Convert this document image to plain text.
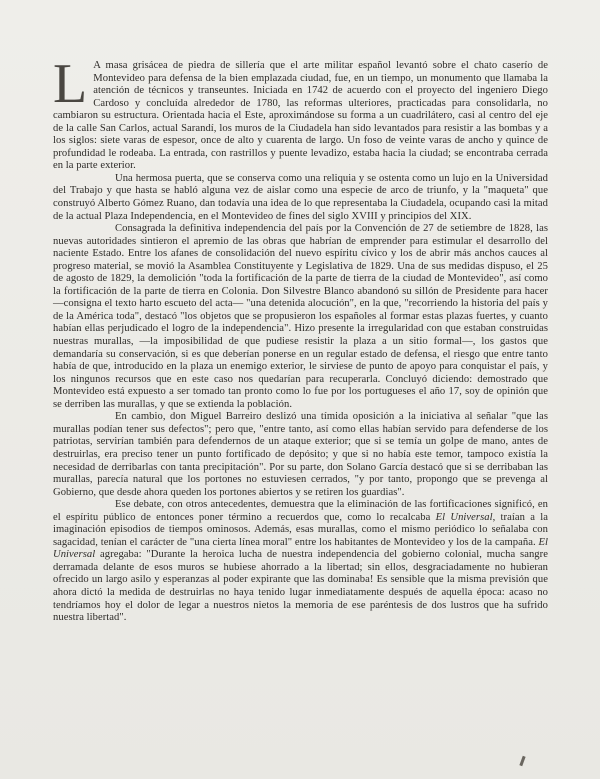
L A masa grisácea de piedra de sillería que el arte militar español levantó sobre el chato caserío de Montevideo para defensa de la bien emplazada ciudad, fue, en un tiempo, un monumento que llamaba la atención de técnicos y transeuntes. Iniciada en 1742 de acuerdo con el proyecto del ingeniero Diego Cardoso y concluída alrededor de 1780, las reformas ulteriores, practicadas para consolidarla, no cambiaron su estructura. Orientada hacia el Este, aproximándose su forma a un cuadrilátero, casi al centro del eje de la calle San Carlos, actual Sarandí, los muros de la Ciudadela han sido levantados para resistir a las bombas y a los siglos: siete varas de espesor, once de alto y cuarenta de largo. Un foso de veinte varas de ancho y quince de profundidad le rodeaba. La entrada, con rastrillos y puente levadizo, estaba hacia la ciudad; se encontraba cerrada en la parte exterior.

Una hermosa puerta, que se conserva como una reliquia y se ostenta como un lujo en la Universidad del Trabajo y que hasta se habló alguna vez de aislar como una especie de arco de triunfo, y la "maqueta" que construyó Alberto Gómez Ruano, dan todavía una idea de lo que representaba la Ciudadela, ocupando casi la mitad de la actual Plaza Independencia, en el Montevideo de fines del siglo XVIII y principios del XIX.

Consagrada la definitiva independencia del país por la Convención de 27 de setiembre de 1828, las nuevas autoridades sintieron el apremio de las obras que habrían de emprender para estimular el desarrollo del naciente Estado. Entre los afanes de consolidación del nuevo espíritu cívico y los de abrir más anchos cauces al progreso material, se movió la Asamblea Constituyente y Legislativa de 1829. Una de sus medidas dispuso, el 25 de agosto de 1829, la demolición "toda la fortificación de la parte de tierra de la ciudad de Montevideo", así como la fortificación de la parte de tierra en Colonia. Don Silvestre Blanco abandonó su sillón de Presidente para hacer —consigna el texto harto escueto del acta— "una detenida alocución", en la que, "recorriendo la historia del país y de la América toda", destacó "los objetos que se propusieron los españoles al formar estas plazas fuertes, y cuanto habían ellas perjudicado el logro de la independencia". Hizo presente la irregularidad con que estaban construidas nuestras murallas, —la imposibilidad de que pudiese resistir la plaza a un sitio formal—, los gastos que demandaría su conservación, si es que deberían ponerse en un regular estado de defensa, el riesgo que entre tanto había de que, introducido en la plaza un enemigo exterior, le sirviese de punto de apoyo para conquistar el país, y los ningunos recursos que en este caso nos quedarían para recuperarla. Concluyó diciendo: demostrado que Montevideo está expuesto a ser tomado tan pronto como lo fue por los portugueses el año 17, soy de opinión que se derriben las murallas, y que se extienda la población.

En cambio, don Miguel Barreiro deslizó una tímida oposición a la iniciativa al señalar "que las murallas podían tener sus defectos"; pero que, "entre tanto, así como ellas habían servido para defenderse de los patriotas, servirían también para defendernos de un ataque exterior; que si se temía un golpe de mano, antes de destruirlas, era preciso tener un punto fortificado de depósito; y que si no había este temor, tampoco existía la necesidad de derribarlas con tanta precipitación". Por su parte, don Solano García destacó que si se derribaban las murallas, parecía natural que los portones no estuviesen cerrados, "y por tanto, propongo que se prevenga al Gobierno, que desde ahora queden los portones abiertos y se retiren los guardias".

Ese debate, con otros antecedentes, demuestra que la eliminación de las fortificaciones significó, en el espíritu público de entonces poner término a recuerdos que, como lo recalcaba El Universal, traían a la imaginación episodios de tiempos ominosos. Además, esas murallas, como el mismo periódico lo señalaba con sagacidad, tenían el carácter de "una cierta línea moral" entre los habitantes de Montevideo y los de la campaña. El Universal agregaba: "Durante la heroica lucha de nuestra independencia del gobierno colonial, mucha sangre derramada delante de esos muros se hubiese ahorrado a la libertad; sin ellos, desgraciadamente no hubieran ofrecido un largo asilo y esperanzas al poder expirante que las dominaba! Es sensible que la misma previsión que ahora dictó la medida de destruirlas no haya tenido lugar inmediatamente después de aquella época: acaso no tendríamos hoy el dolor de legar a nuestros nietos la memoria de ese paréntesis de dos lustros que ha sufrido nuestra libertad".
